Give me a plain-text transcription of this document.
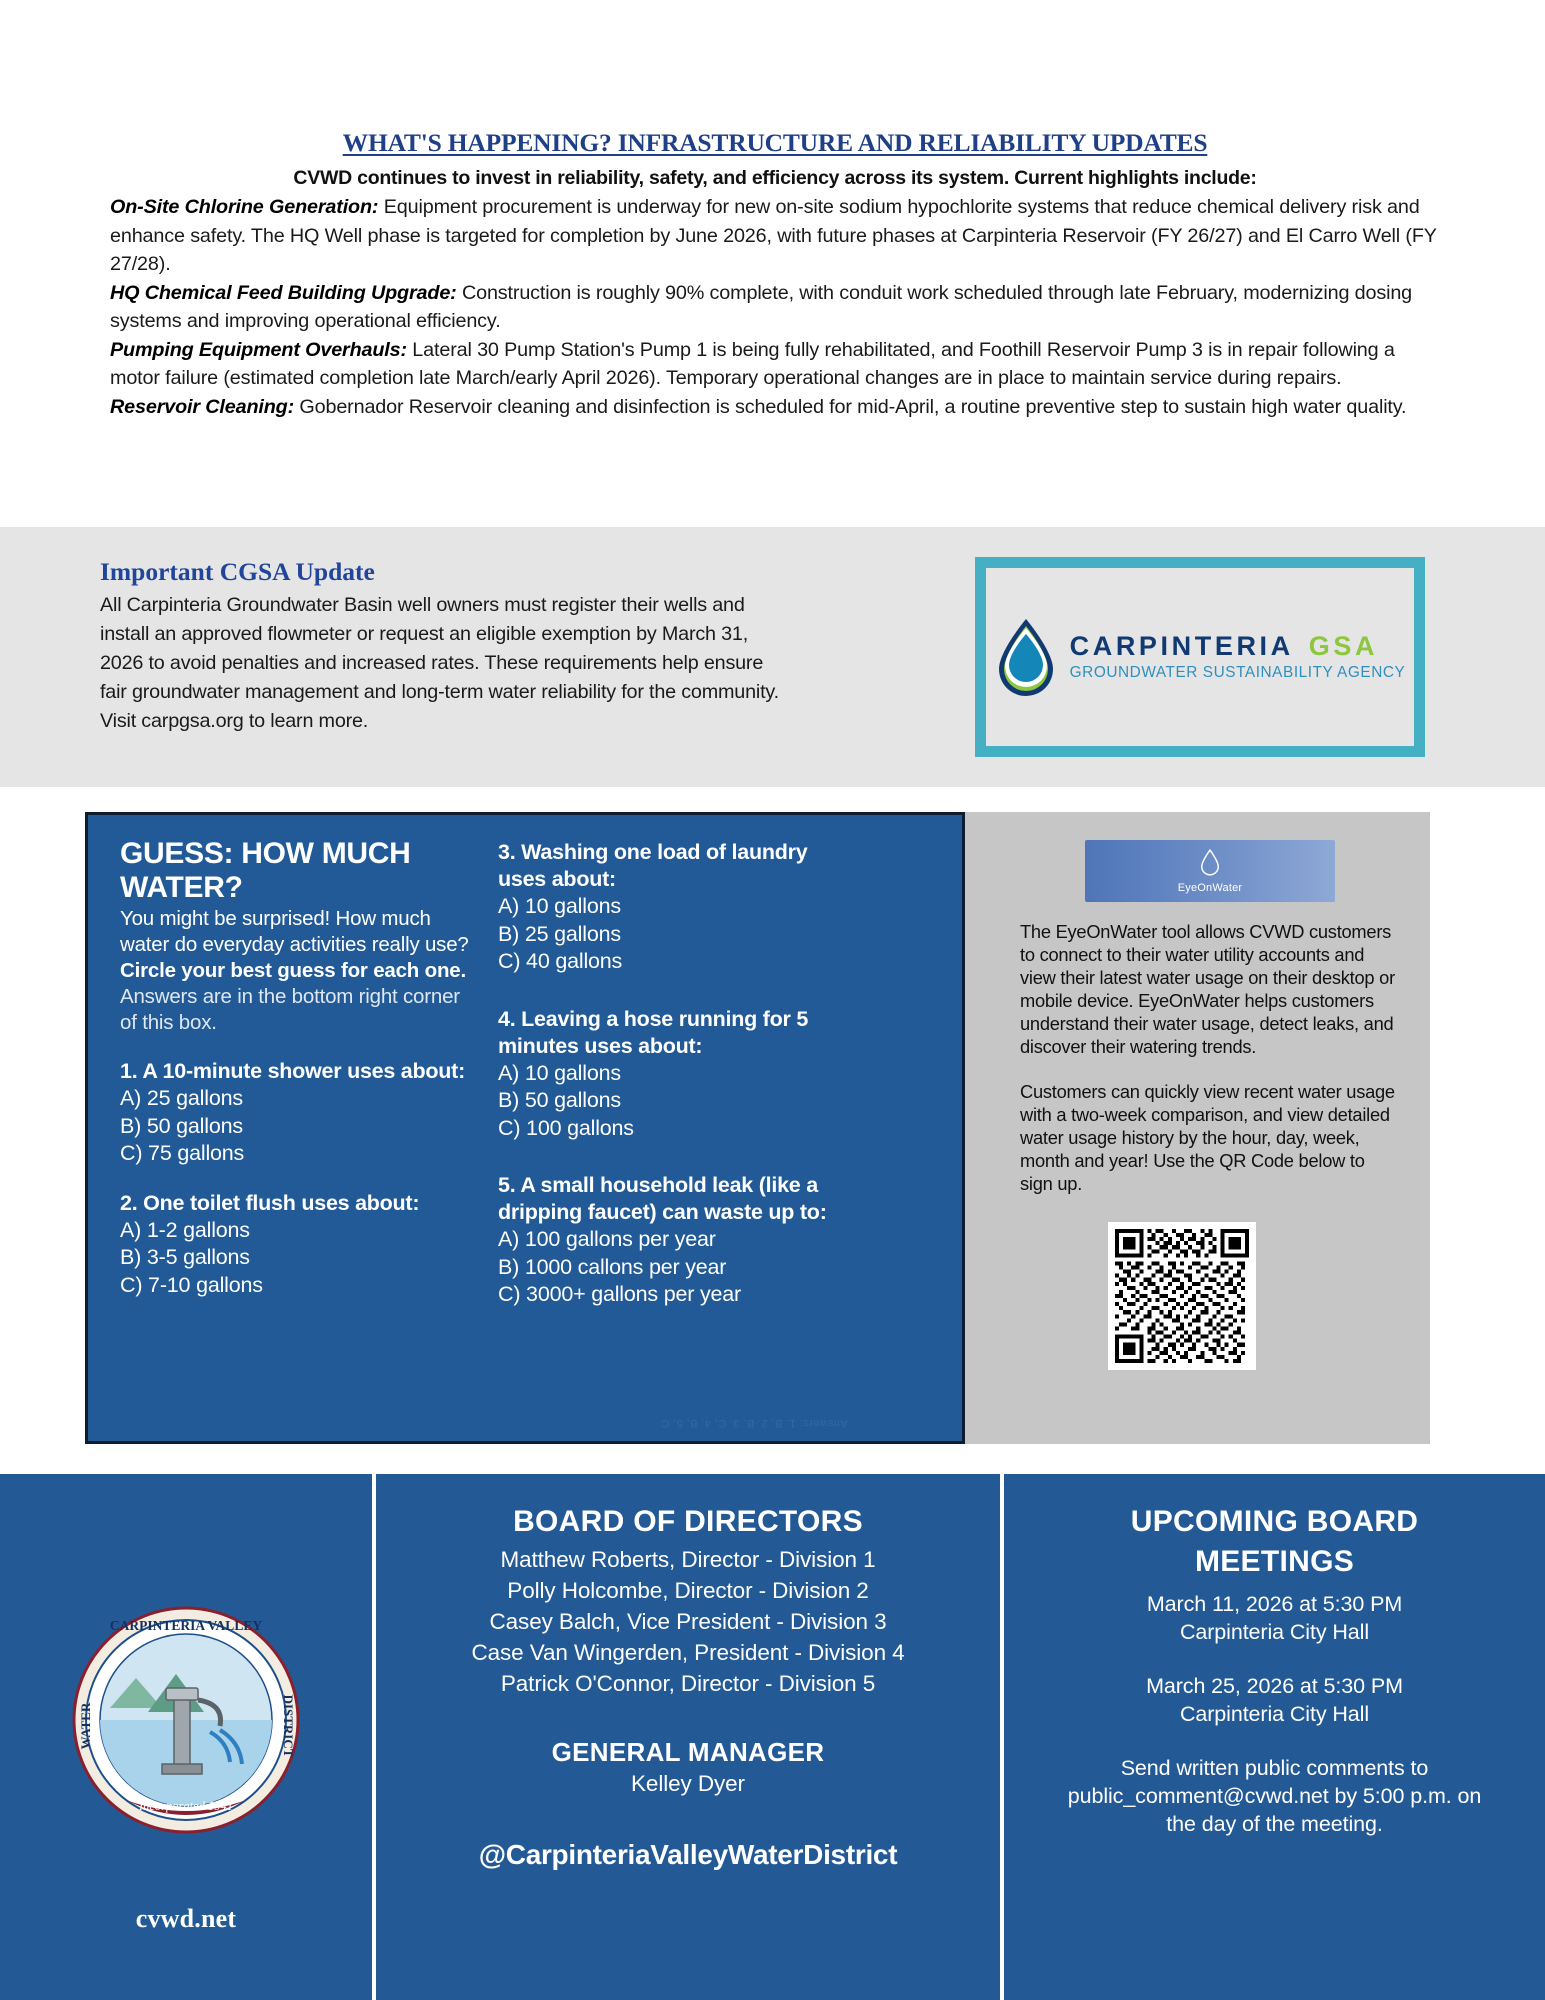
WHAT'S HAPPENING? INFRASTRUCTURE AND RELIABILITY UPDATES
CVWD continues to invest in reliability, safety, and efficiency across its system. Current highlights include:

On-Site Chlorine Generation: Equipment procurement is underway for new on-site sodium hypochlorite systems that reduce chemical delivery risk and enhance safety. The HQ Well phase is targeted for completion by June 2026, with future phases at Carpinteria Reservoir (FY 26/27) and El Carro Well (FY 27/28).

HQ Chemical Feed Building Upgrade: Construction is roughly 90% complete, with conduit work scheduled through late February, modernizing dosing systems and improving operational efficiency.

Pumping Equipment Overhauls: Lateral 30 Pump Station's Pump 1 is being fully rehabilitated, and Foothill Reservoir Pump 3 is in repair following a motor failure (estimated completion late March/early April 2026). Temporary operational changes are in place to maintain service during repairs.

Reservoir Cleaning: Gobernador Reservoir cleaning and disinfection is scheduled for mid-April, a routine preventive step to sustain high water quality.

Important CGSA Update
All Carpinteria Groundwater Basin well owners must register their wells and install an approved flowmeter or request an eligible exemption by March 31, 2026 to avoid penalties and increased rates. These requirements help ensure fair groundwater management and long-term water reliability for the community. Visit carpgsa.org to learn more.
CARPINTERIA GSA
GROUNDWATER SUSTAINABILITY AGENCY
GUESS: HOW MUCH WATER?
You might be surprised! How much water do everyday activities really use? Circle your best guess for each one. Answers are in the bottom right corner of this box.
1. A 10-minute shower uses about:
A) 25 gallons
B) 50 gallons
C) 75 gallons
2. One toilet flush uses about:
A) 1-2 gallons
B) 3-5 gallons
C) 7-10 gallons
3. Washing one load of laundry uses about:
A) 10 gallons
B) 25 gallons
C) 40 gallons
4. Leaving a hose running for 5 minutes uses about:
A) 10 gallons
B) 50 gallons
C) 100 gallons
5. A small household leak (like a dripping faucet) can waste up to:
A) 100 gallons per year
B) 1000 callons per year
C) 3000+ gallons per year
Answers: 1. B, 2. B, 3. C, 4. B, 5. C
EyeOnWater
The EyeOnWater tool allows CVWD customers to connect to their water utility accounts and view their latest water usage on their desktop or mobile device. EyeOnWater helps customers understand their water usage, detect leaks, and discover their watering trends.
Customers can quickly view recent water usage with a two-week comparison, and view detailed water usage history by the hour, day, week, month and year! Use the QR Code below to sign up.
CARPINTERIA VALLEY
WATER	DISTRICT
Incorporated 1941
cvwd.net
BOARD OF DIRECTORS
Matthew Roberts, Director - Division 1
Polly Holcombe, Director - Division 2
Casey Balch, Vice President - Division 3
Case Van Wingerden, President - Division 4
Patrick O'Connor, Director - Division 5
GENERAL MANAGER
Kelley Dyer
@CarpinteriaValleyWaterDistrict
UPCOMING BOARD
MEETINGS
March 11, 2026 at 5:30 PM
Carpinteria City Hall
March 25, 2026 at 5:30 PM
Carpinteria City Hall
Send written public comments to public_comment@cvwd.net by 5:00 p.m. on the day of the meeting.
